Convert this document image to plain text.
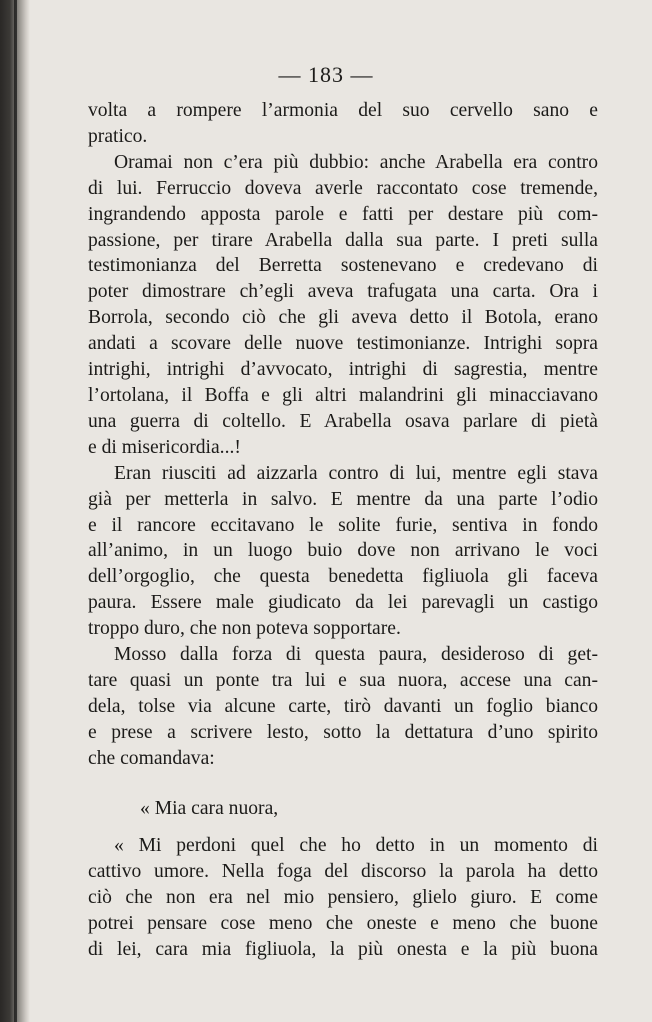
— 183 —
volta a rompere l’armonia del suo cervello sano e
pratico.
Oramai non c’era più dubbio: anche Arabella era contro
di lui. Ferruccio doveva averle raccontato cose tremende,
ingrandendo apposta parole e fatti per destare più com-
passione, per tirare Arabella dalla sua parte. I preti sulla
testimonianza del Berretta sostenevano e credevano di
poter dimostrare ch’egli aveva trafugata una carta. Ora i
Borrola, secondo ciò che gli aveva detto il Botola, erano
andati a scovare delle nuove testimonianze. Intrighi sopra
intrighi, intrighi d’avvocato, intrighi di sagrestia, mentre
l’ortolana, il Boffa e gli altri malandrini gli minacciavano
una guerra di coltello. E Arabella osava parlare di pietà
e di misericordia...!
Eran riusciti ad aizzarla contro di lui, mentre egli stava
già per metterla in salvo. E mentre da una parte l’odio
e il rancore eccitavano le solite furie, sentiva in fondo
all’animo, in un luogo buio dove non arrivano le voci
dell’orgoglio, che questa benedetta figliuola gli faceva
paura. Essere male giudicato da lei parevagli un castigo
troppo duro, che non poteva sopportare.
Mosso dalla forza di questa paura, desideroso di get-
tare quasi un ponte tra lui e sua nuora, accese una can-
dela, tolse via alcune carte, tirò davanti un foglio bianco
e prese a scrivere lesto, sotto la dettatura d’uno spirito
che comandava:
« Mia cara nuora,
« Mi perdoni quel che ho detto in un momento di
cattivo umore. Nella foga del discorso la parola ha detto
ciò che non era nel mio pensiero, glielo giuro. E come
potrei pensare cose meno che oneste e meno che buone
di lei, cara mia figliuola, la più onesta e la più buona
